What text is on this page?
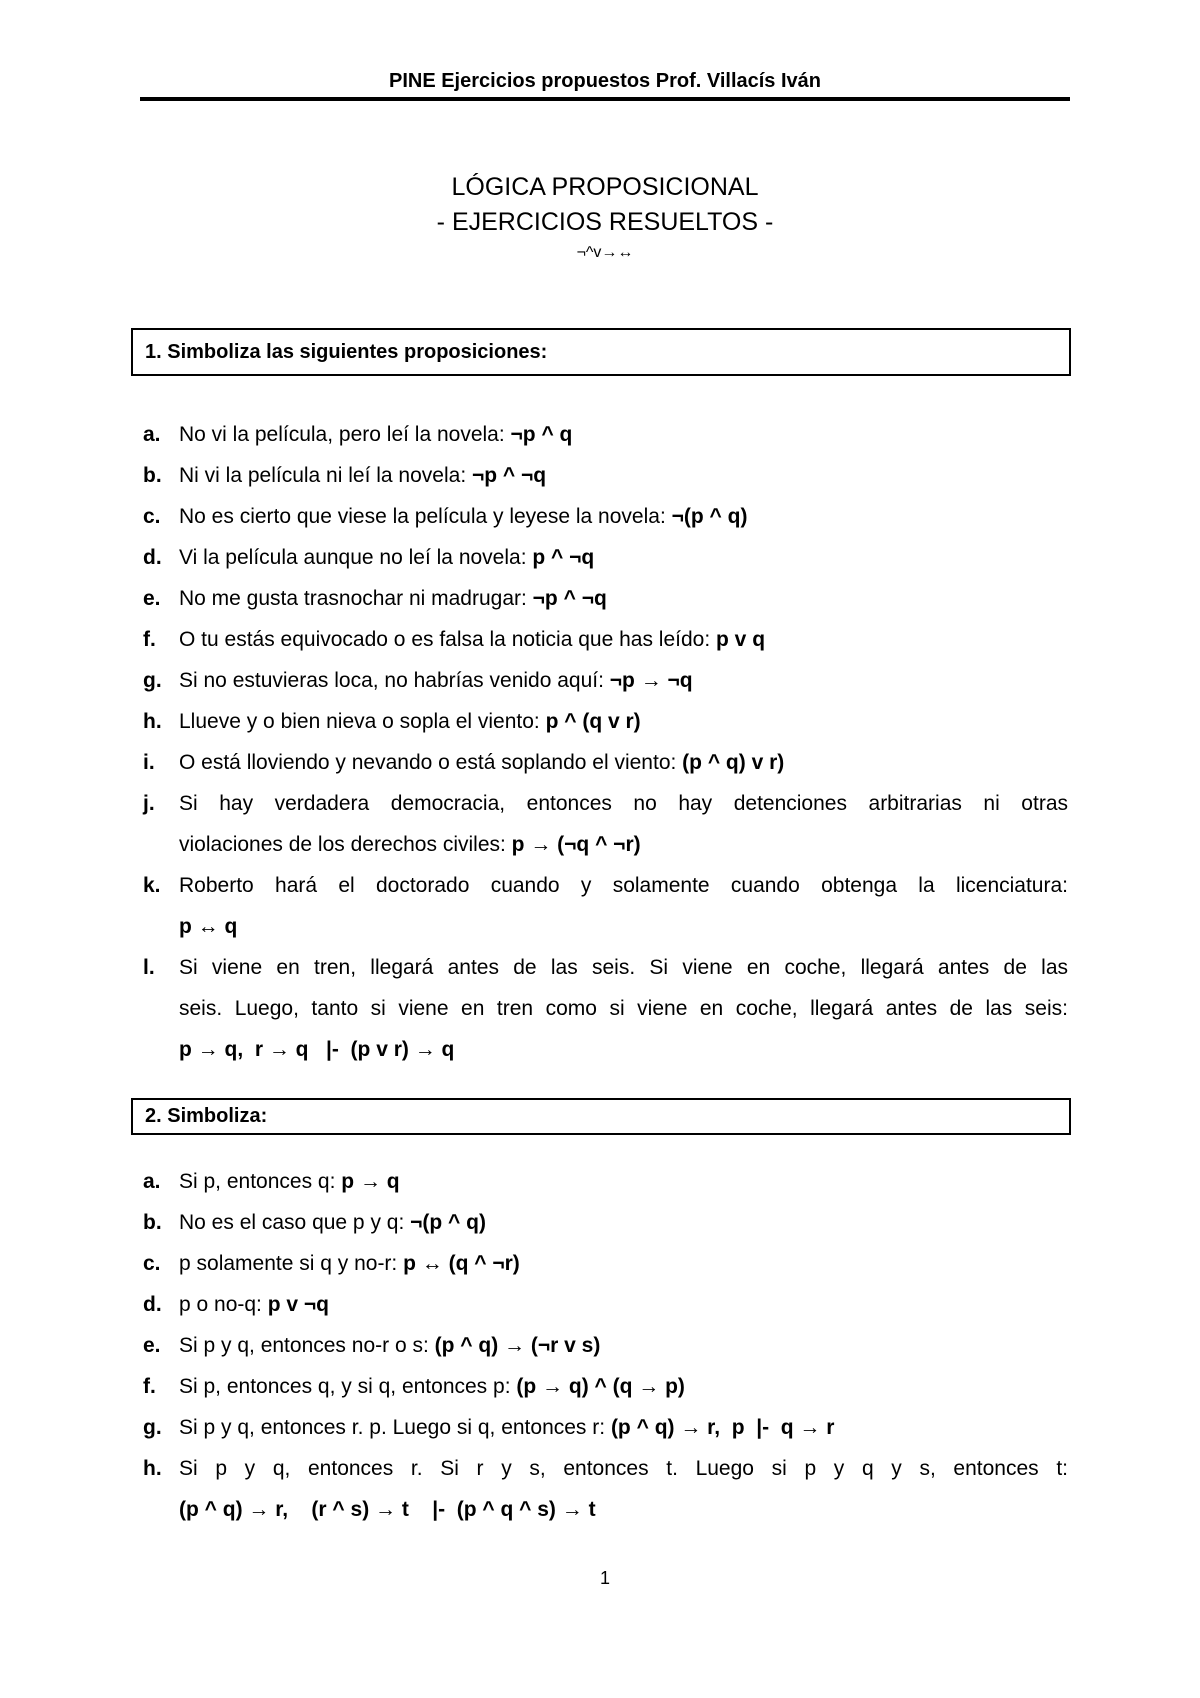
PINE Ejercicios propuestos Prof. Villacís Iván
LÓGICA PROPOSICIONAL
- EJERCICIOS RESUELTOS -
¬^v→↔
1. Simboliza las siguientes proposiciones:
a. No vi la película, pero leí la novela: ¬p ^ q
b. Ni vi la película ni leí la novela: ¬p ^ ¬q
c. No es cierto que viese la película y leyese la novela: ¬(p ^ q)
d. Vi la película aunque no leí la novela: p ^ ¬q
e. No me gusta trasnochar ni madrugar: ¬p ^ ¬q
f.	O tu estás equivocado o es falsa la noticia que has leído: p v q
g. Si no estuvieras loca, no habrías venido aquí: ¬p → ¬q
h. Llueve y o bien nieva o sopla el viento: p ^ (q v r)
i.	O está lloviendo y nevando o está soplando el viento: (p ^ q) v r)
j.	Si hay verdadera democracia, entonces no hay detenciones arbitrarias ni otras
violaciones de los derechos civiles: p → (¬q ^ ¬r)
k. Roberto hará el doctorado cuando y solamente cuando obtenga la licenciatura:
p ↔ q
l.	Si viene en tren, llegará antes de las seis. Si viene en coche, llegará antes de las
seis. Luego, tanto si viene en tren como si viene en coche, llegará antes de las seis:
p → q,  r → q   |-  (p v r) → q
2. Simboliza:
a. Si p, entonces q: p → q
b. No es el caso que p y q: ¬(p ^ q)
c. p solamente si q y no-r: p ↔ (q ^ ¬r)
d. p o no-q: p v ¬q
e. Si p y q, entonces no-r o s: (p ^ q) → (¬r v s)
f.	Si p, entonces q, y si q, entonces p: (p → q) ^ (q → p)
g. Si p y q, entonces r. p. Luego si q, entonces r: (p ^ q) → r,  p  |-  q → r
h. Si p y q, entonces r. Si r y s, entonces t. Luego si p y q y s, entonces t:
(p ^ q) → r,    (r ^ s) → t    |-  (p ^ q ^ s) → t
1
